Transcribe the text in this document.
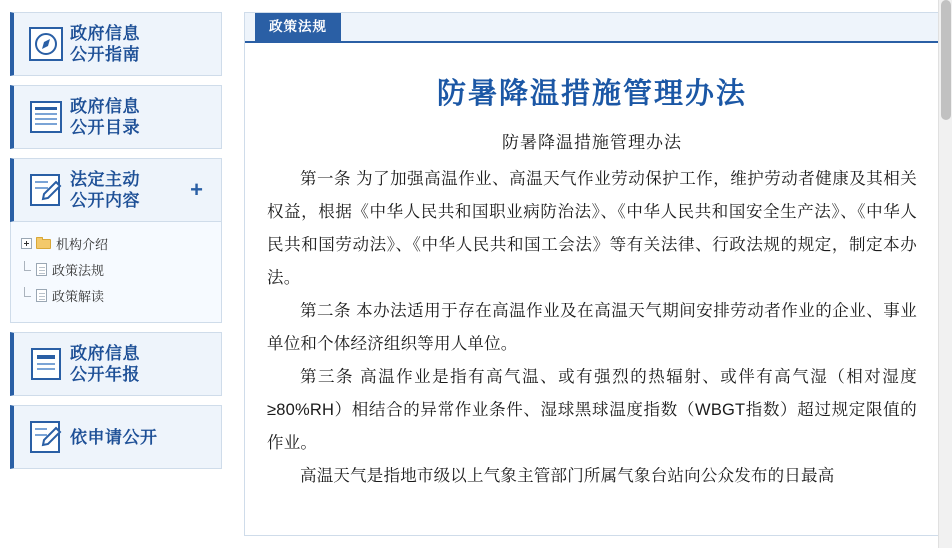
政府信息
公开指南
政府信息
公开目录
法定主动
公开内容 +
机构介绍
政策法规
政策解读
政府信息
公开年报
依申请公开
政策法规
防暑降温措施管理办法
防暑降温措施管理办法

第一条 为了加强高温作业、高温天气作业劳动保护工作，维护劳动者健康及其相关权益，根据《中华人民共和国职业病防治法》、《中华人民共和国安全生产法》、《中华人民共和国劳动法》、《中华人民共和国工会法》等有关法律、行政法规的规定，制定本办法。

第二条 本办法适用于存在高温作业及在高温天气期间安排劳动者作业的企业、事业单位和个体经济组织等用人单位。

第三条 高温作业是指有高气温、或有强烈的热辐射、或伴有高气湿（相对湿度≥80%RH）相结合的异常作业条件、湿球黑球温度指数（WBGT指数）超过规定限值的作业。

高温天气是指地市级以上气象主管部门所属气象台站向公众发布的日最高
